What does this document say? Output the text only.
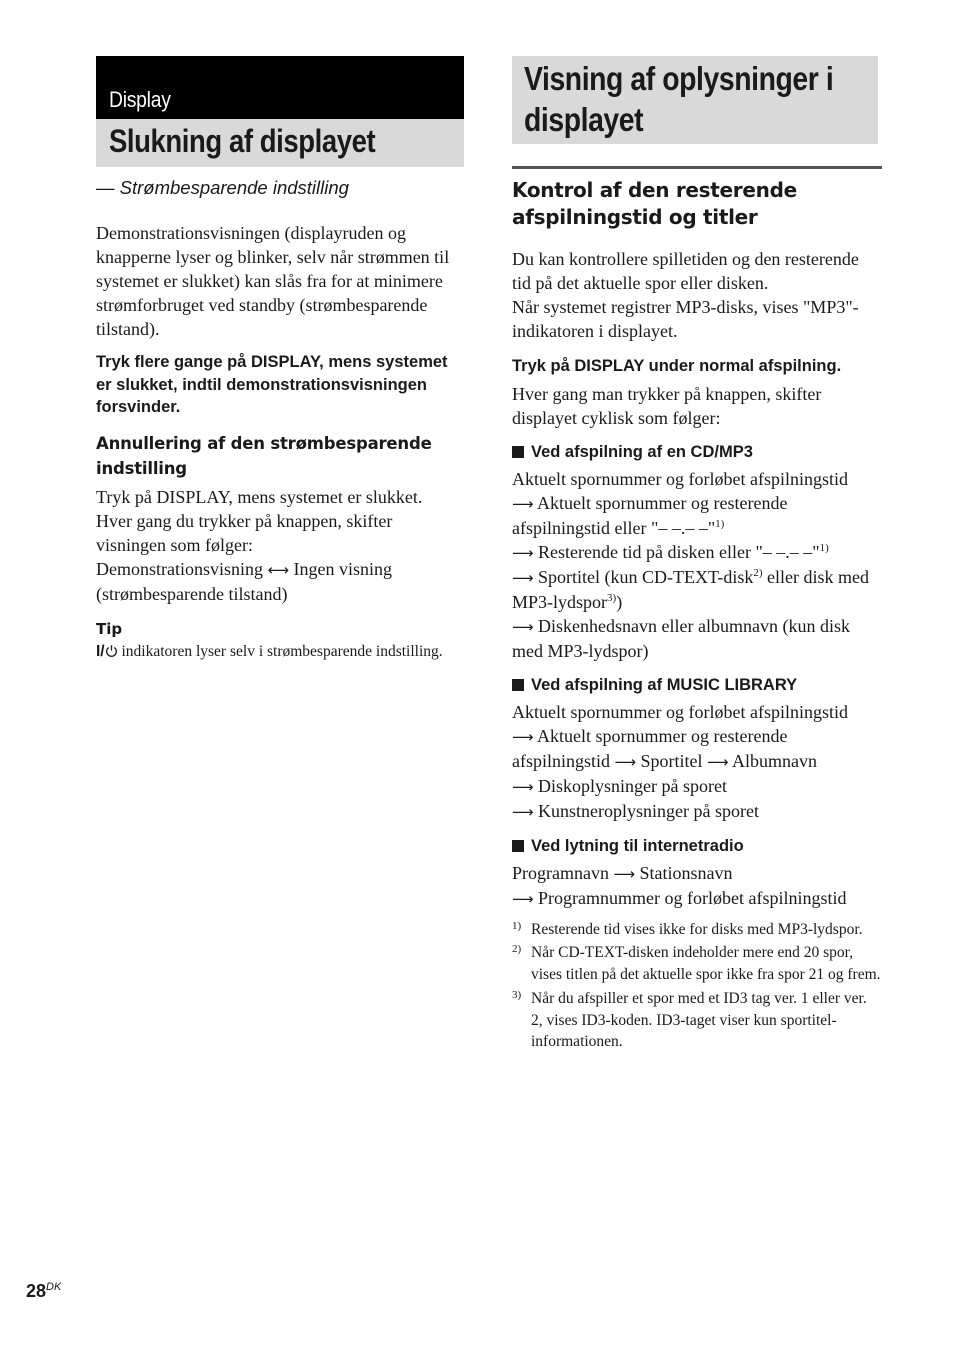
Display
Slukning af displayet
— Strømbesparende indstilling

Demonstrationsvisningen (displayruden og knapperne lyser og blinker, selv når strømmen til systemet er slukket) kan slås fra for at minimere strømforbruget ved standby (strømbesparende tilstand).

Tryk flere gange på DISPLAY, mens systemet er slukket, indtil demonstrationsvisningen forsvinder.

Annullering af den strømbesparende indstilling

Tryk på DISPLAY, mens systemet er slukket.

Hver gang du trykker på knappen, skifter visningen som følger:

Demonstrationsvisning ⟷ Ingen visning (strømbesparende tilstand)

Tip

I/ indikatoren lyser selv i strømbesparende indstilling.

Visning af oplysninger i
displayet

Kontrol af den resterende afspilningstid og titler

Du kan kontrollere spilletiden og den resterende tid på det aktuelle spor eller disken.

Når systemet registrer MP3-disks, vises "MP3"-indikatoren i displayet.

Tryk på DISPLAY under normal afspilning.

Hver gang man trykker på knappen, skifter displayet cyklisk som følger:

Ved afspilning af en CD/MP3

Aktuelt spornummer og forløbet afspilningstid
⟶ Aktuelt spornummer og resterende afspilningstid eller "– –.– –"$^{1)}$
⟶ Resterende tid på disken eller "– –.– –"$^{1)}$
⟶ Sportitel (kun CD-TEXT-disk$^{2)}$ eller disk med MP3-lydspor$^{3)}$)
⟶ Diskenhedsnavn eller albumnavn (kun disk med MP3-lydspor)

Ved afspilning af MUSIC LIBRARY

Aktuelt spornummer og forløbet afspilningstid
⟶ Aktuelt spornummer og resterende afspilningstid ⟶ Sportitel ⟶ Albumnavn
⟶ Diskoplysninger på sporet
⟶ Kunstneroplysninger på sporet

Ved lytning til internetradio

Programnavn ⟶ Stationsnavn
⟶ Programnummer og forløbet afspilningstid

1) Resterende tid vises ikke for disks med MP3-lydspor.

2) Når CD-TEXT-disken indeholder mere end 20 spor, vises titlen på det aktuelle spor ikke fra spor 21 og frem.

3) Når du afspiller et spor med et ID3 tag ver. 1 eller ver. 2, vises ID3-koden. ID3-taget viser kun sportitel-informationen.

$28^{DK}$
